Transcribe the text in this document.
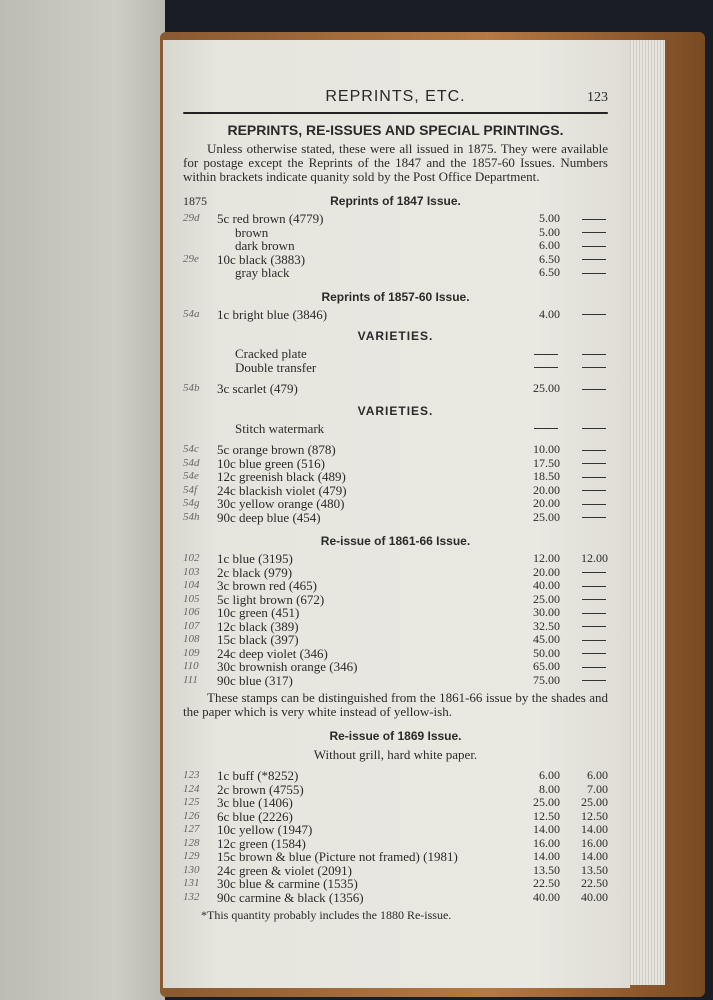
REPRINTS, ETC.	123
REPRINTS, RE-ISSUES AND SPECIAL PRINTINGS.
Unless otherwise stated, these were all issued in 1875. They were available for postage except the Reprints of the 1847 and the 1857-60 Issues. Numbers within brackets indicate quanity sold by the Post Office Department.
1875	Reprints of 1847 Issue.
29d	5c red brown (4779)	5.00
brown	5.00
dark brown	6.00
29e	10c black (3883)	6.50
gray black	6.50
Reprints of 1857-60 Issue.
54a	1c bright blue (3846)	4.00
VARIETIES.
Cracked plate
Double transfer
54b	3c scarlet (479)	25.00
VARIETIES.
Stitch watermark
54c	5c orange brown (878)	10.00
54d	10c blue green (516)	17.50
54e	12c greenish black (489)	18.50
54f	24c blackish violet (479)	20.00
54g	30c yellow orange (480)	20.00
54h	90c deep blue (454)	25.00
Re-issue of 1861-66 Issue.
102	1c blue (3195)	12.00	12.00
103	2c black (979)	20.00
104	3c brown red (465)	40.00
105	5c light brown (672)	25.00
106	10c green (451)	30.00
107	12c black (389)	32.50
108	15c black (397)	45.00
109	24c deep violet (346)	50.00
110	30c brownish orange (346)	65.00
111	90c blue (317)	75.00
These stamps can be distinguished from the 1861-66 issue by the shades and the paper which is very white instead of yellow-ish.
Re-issue of 1869 Issue.
Without grill, hard white paper.
123	1c buff (*8252)	6.00	6.00
124	2c brown (4755)	8.00	7.00
125	3c blue (1406)	25.00	25.00
126	6c blue (2226)	12.50	12.50
127	10c yellow (1947)	14.00	14.00
128	12c green (1584)	16.00	16.00
129	15c brown & blue (Picture not framed) (1981)	14.00	14.00
130	24c green & violet (2091)	13.50	13.50
131	30c blue & carmine (1535)	22.50	22.50
132	90c carmine & black (1356)	40.00	40.00
*This quantity probably includes the 1880 Re-issue.
